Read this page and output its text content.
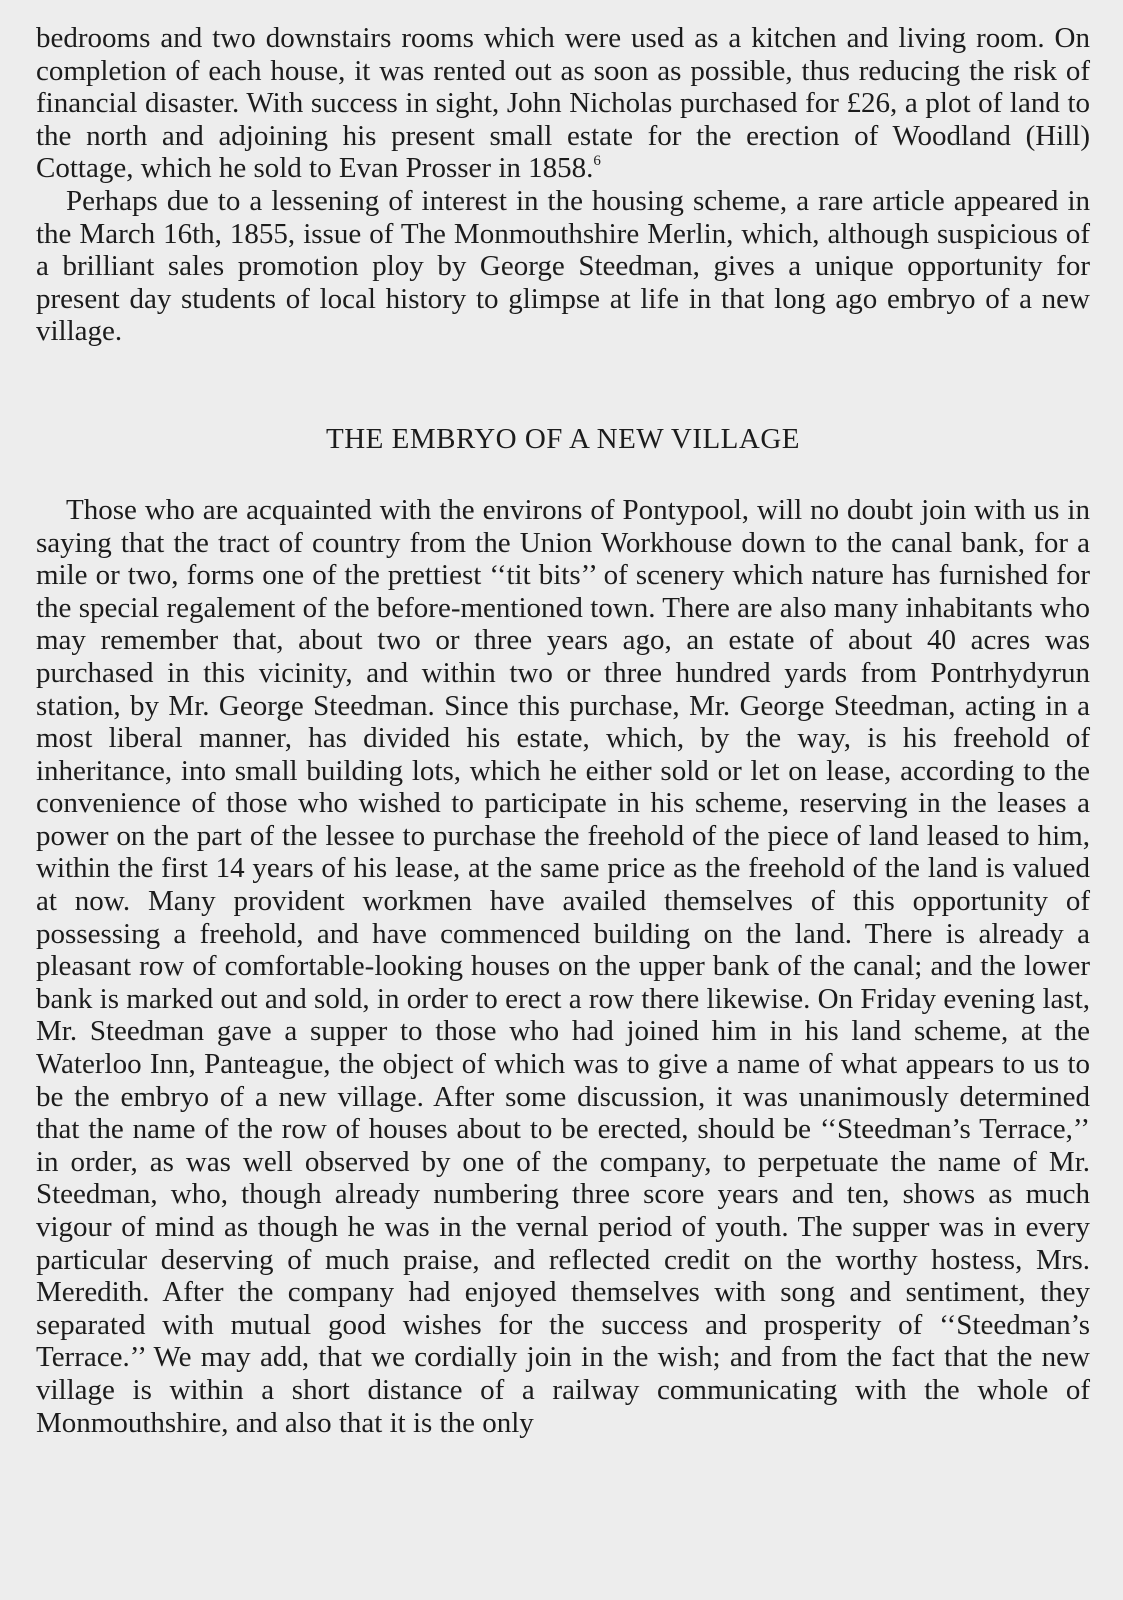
bedrooms and two downstairs rooms which were used as a kitchen and living room. On completion of each house, it was rented out as soon as possible, thus reducing the risk of financial disaster. With success in sight, John Nicholas purchased for £26, a plot of land to the north and adjoining his present small estate for the erection of Woodland (Hill) Cottage, which he sold to Evan Prosser in 1858.$^6$

Perhaps due to a lessening of interest in the housing scheme, a rare article appeared in the March 16th, 1855, issue of The Monmouthshire Merlin, which, although suspicious of a brilliant sales promotion ploy by George Steedman, gives a unique opportunity for present day students of local history to glimpse at life in that long ago embryo of a new village.

THE EMBRYO OF A NEW VILLAGE

Those who are acquainted with the environs of Pontypool, will no doubt join with us in saying that the tract of country from the Union Workhouse down to the canal bank, for a mile or two, forms one of the prettiest ‘‘tit bits’’ of scenery which nature has furnished for the special regalement of the before-mentioned town. There are also many inhabitants who may remember that, about two or three years ago, an estate of about 40 acres was purchased in this vicinity, and within two or three hundred yards from Pontrhydyrun station, by Mr. George Steedman. Since this purchase, Mr. George Steedman, acting in a most liberal manner, has divided his estate, which, by the way, is his freehold of inheritance, into small building lots, which he either sold or let on lease, according to the convenience of those who wished to participate in his scheme, reserving in the leases a power on the part of the lessee to purchase the freehold of the piece of land leased to him, within the first 14 years of his lease, at the same price as the freehold of the land is valued at now. Many provident workmen have availed themselves of this opportunity of possessing a freehold, and have commenced building on the land. There is already a pleasant row of comfortable-looking houses on the upper bank of the canal; and the lower bank is marked out and sold, in order to erect a row there likewise. On Friday evening last, Mr. Steedman gave a supper to those who had joined him in his land scheme, at the Waterloo Inn, Panteague, the object of which was to give a name of what appears to us to be the embryo of a new village. After some discussion, it was unanimously determined that the name of the row of houses about to be erected, should be ‘‘Steedman’s Terrace,’’ in order, as was well observed by one of the company, to perpetuate the name of Mr. Steedman, who, though already numbering three score years and ten, shows as much vigour of mind as though he was in the vernal period of youth. The supper was in every particular deserving of much praise, and reflected credit on the worthy hostess, Mrs. Meredith. After the company had enjoyed themselves with song and sentiment, they separated with mutual good wishes for the success and prosperity of ‘‘Steedman’s Terrace.’’ We may add, that we cordially join in the wish; and from the fact that the new village is within a short distance of a railway communicating with the whole of Monmouthshire, and also that it is the only
